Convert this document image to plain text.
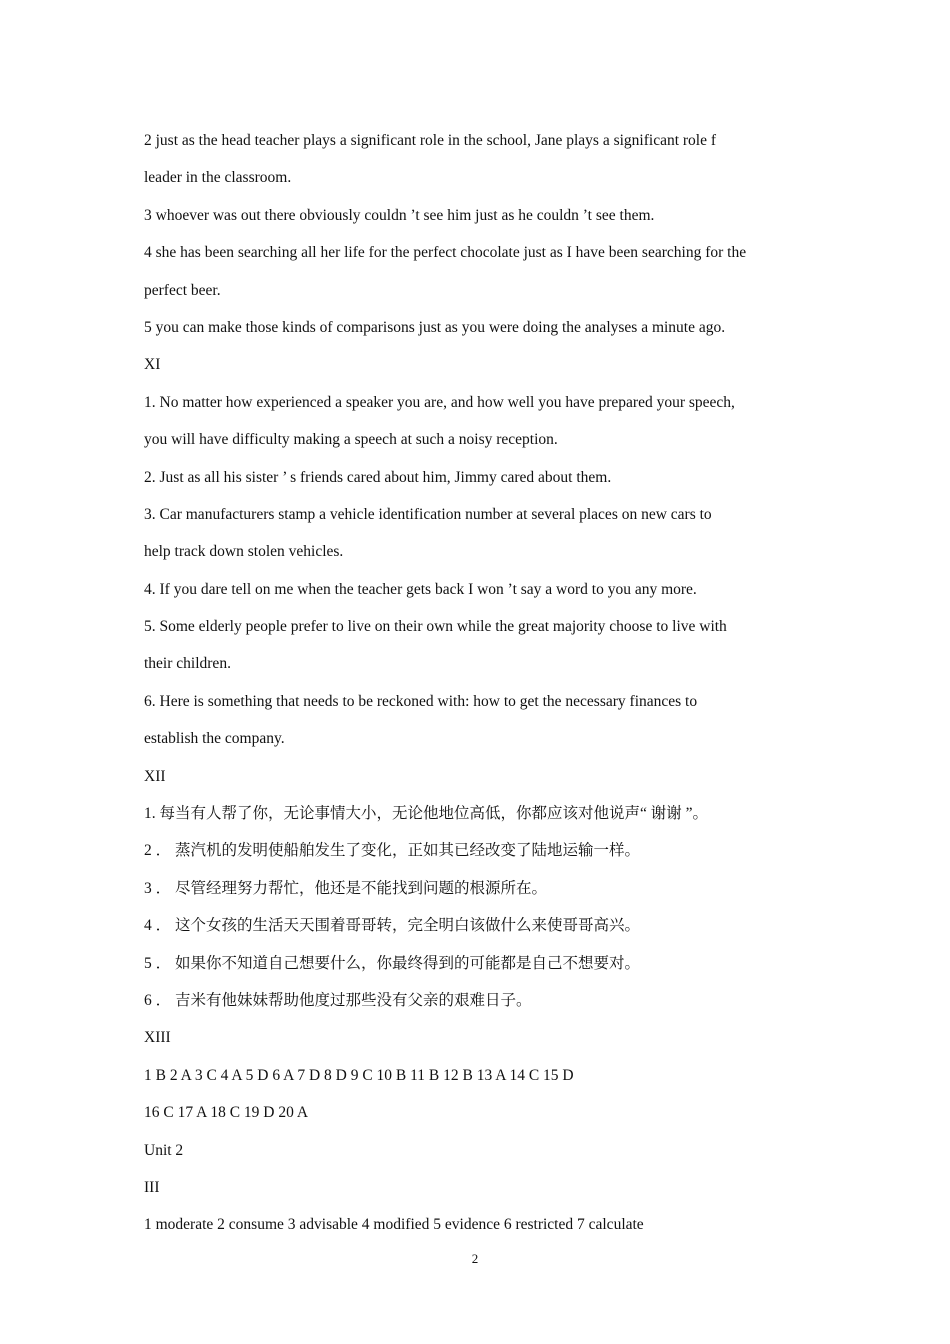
2 just as the head teacher plays a significant role in the school, Jane plays a significant role f
leader in the classroom.
3 whoever was out there obviously couldn ’t see him just as he couldn ’t see them.
4 she has been searching all her life for the perfect chocolate just as I have been searching for the
perfect beer.
5 you can make those kinds of comparisons just as you were doing the analyses a minute ago.
XI
1. No matter how experienced a speaker you are, and how well you have prepared your speech,
you will have difficulty making a speech at such a noisy reception.
2. Just as all his sister ’ s friends cared about him, Jimmy cared about them.
3. Car manufacturers stamp a vehicle identification number at several places on new cars to
help track down stolen vehicles.
4. If you dare tell on me when the teacher gets back I won ’t say a word to you any more.
5. Some elderly people prefer to live on their own while the great majority choose to live with
their children.
6. Here is something that needs to be reckoned with: how to get the necessary finances to
establish the company.
XII
1. 每当有人帮了你，无论事情大小，无论他地位高低，你都应该对他说声“ 谢谢 ”。
2 ． 蒸汽机的发明使船舶发生了变化，正如其已经改变了陆地运输一样。
3 ． 尽管经理努力帮忙，他还是不能找到问题的根源所在。
4 ． 这个女孩的生活天天围着哥哥转，完全明白该做什么来使哥哥高兴。
5 ． 如果你不知道自己想要什么，你最终得到的可能都是自己不想要对。
6 ． 吉米有他妹妹帮助他度过那些没有父亲的艰难日子。
XIII
1 B 2 A 3 C 4 A 5 D 6 A 7 D 8 D 9 C 10 B 11 B 12 B 13 A 14 C 15 D
16 C 17 A 18 C 19 D 20 A
Unit 2
III
1 moderate 2 consume 3 advisable 4 modified 5 evidence 6 restricted 7 calculate
2
